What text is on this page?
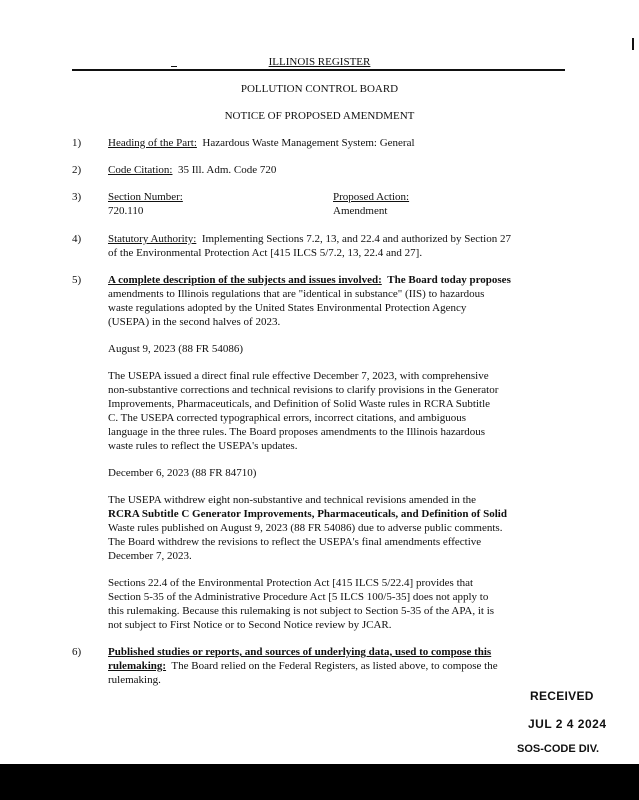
ILLINOIS REGISTER
POLLUTION CONTROL BOARD
NOTICE OF PROPOSED AMENDMENT
1) Heading of the Part: Hazardous Waste Management System: General
2) Code Citation: 35 Ill. Adm. Code 720
3) Section Number:
720.110
Proposed Action:
Amendment
4) Statutory Authority: Implementing Sections 7.2, 13, and 22.4 and authorized by Section 27
of the Environmental Protection Act [415 ILCS 5/7.2, 13, 22.4 and 27].
5) A complete description of the subjects and issues involved: The Board today proposes
amendments to Illinois regulations that are "identical in substance" (IIS) to hazardous
waste regulations adopted by the United States Environmental Protection Agency
(USEPA) in the second halves of 2023.
August 9, 2023 (88 FR 54086)
The USEPA issued a direct final rule effective December 7, 2023, with comprehensive
non-substantive corrections and technical revisions to clarify provisions in the Generator
Improvements, Pharmaceuticals, and Definition of Solid Waste rules in RCRA Subtitle
C. The USEPA corrected typographical errors, incorrect citations, and ambiguous
language in the three rules. The Board proposes amendments to the Illinois hazardous
waste rules to reflect the USEPA's updates.
December 6, 2023 (88 FR 84710)
The USEPA withdrew eight non-substantive and technical revisions amended in the
RCRA Subtitle C Generator Improvements, Pharmaceuticals, and Definition of Solid
Waste rules published on August 9, 2023 (88 FR 54086) due to adverse public comments.
The Board withdrew the revisions to reflect the USEPA's final amendments effective
December 7, 2023.
Sections 22.4 of the Environmental Protection Act [415 ILCS 5/22.4] provides that
Section 5-35 of the Administrative Procedure Act [5 ILCS 100/5-35] does not apply to
this rulemaking. Because this rulemaking is not subject to Section 5-35 of the APA, it is
not subject to First Notice or to Second Notice review by JCAR.
6) Published studies or reports, and sources of underlying data, used to compose this
rulemaking: The Board relied on the Federal Registers, as listed above, to compose the
rulemaking.
RECEIVED
JUL 2 4 2024
SOS-CODE DIV.
